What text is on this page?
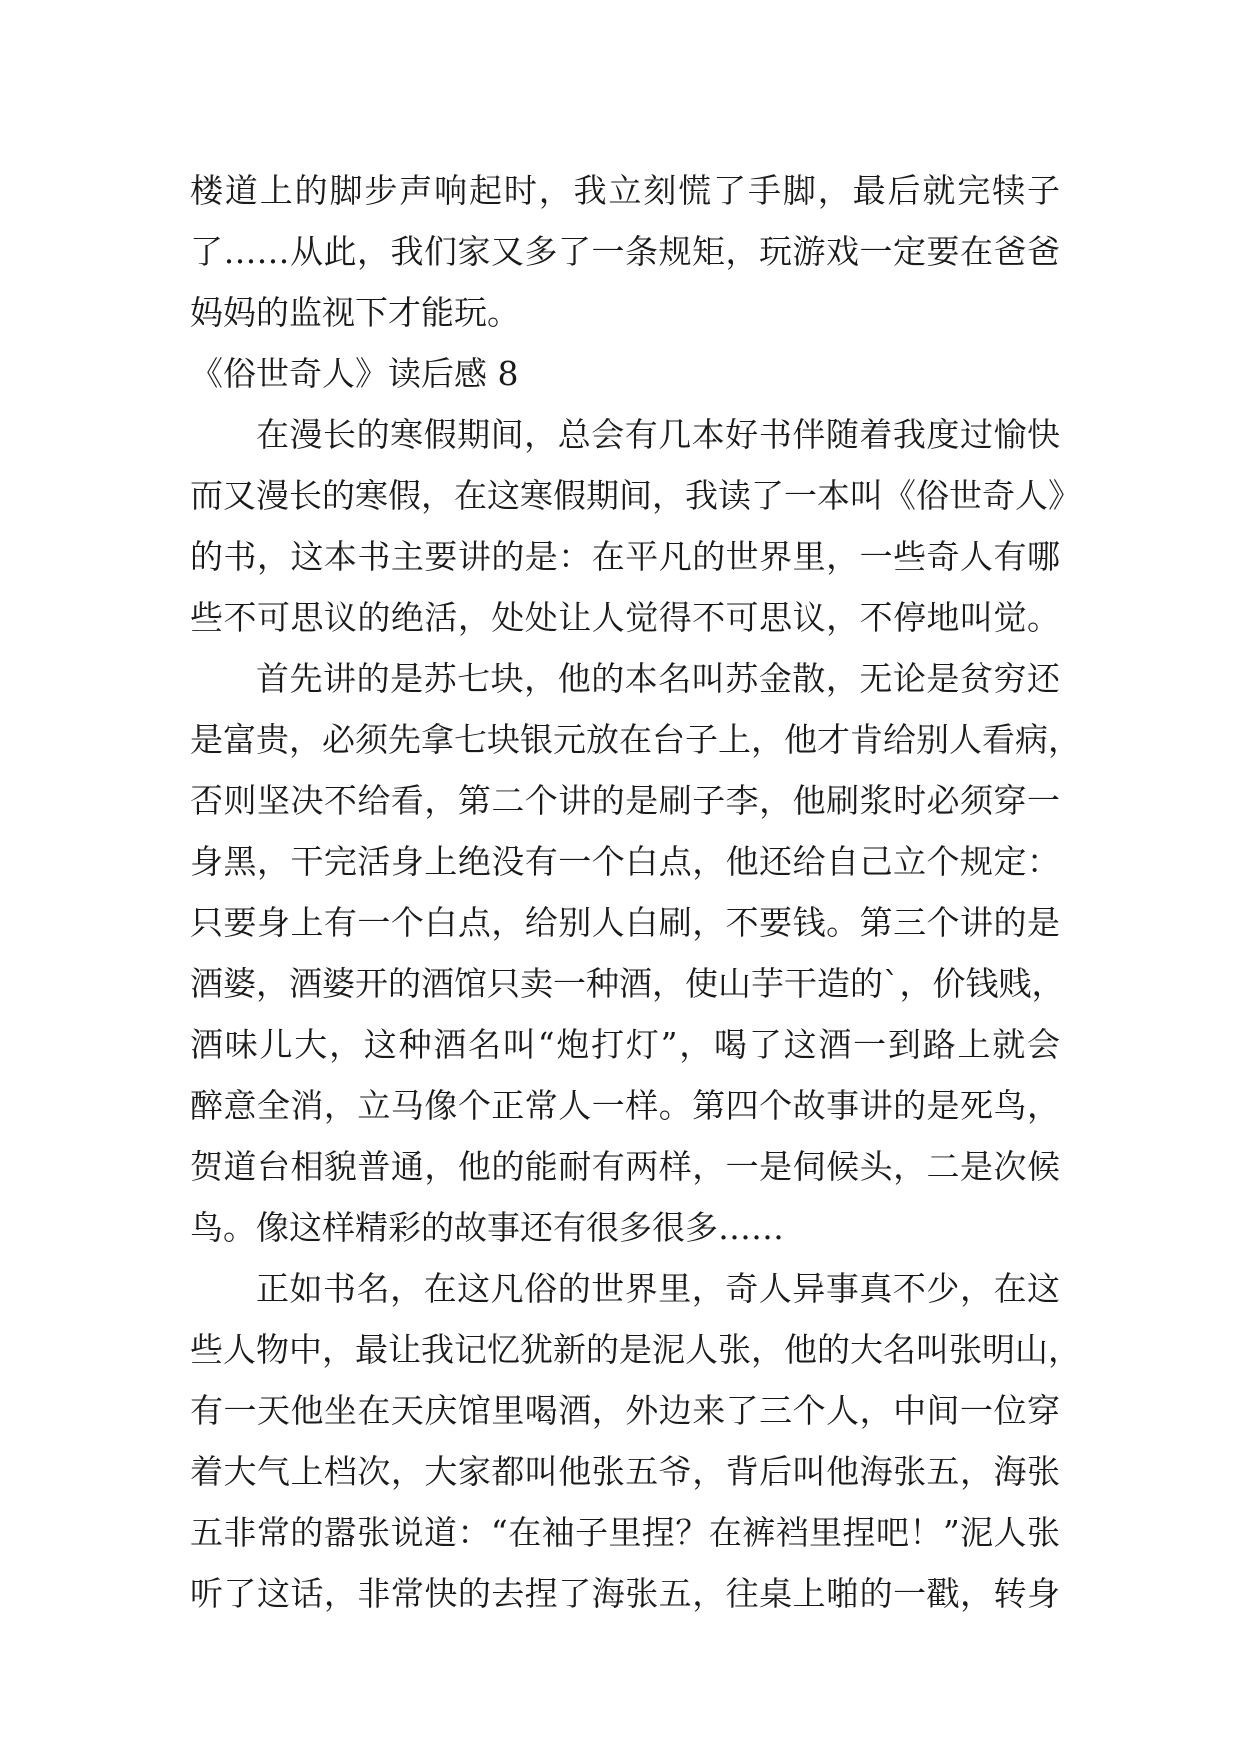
楼道上的脚步声响起时，我立刻慌了手脚，最后就完犊子
了……从此，我们家又多了一条规矩，玩游戏一定要在爸爸
妈妈的监视下才能玩。
《俗世奇人》读后感 8
在漫长的寒假期间，总会有几本好书伴随着我度过愉快
而又漫长的寒假，在这寒假期间，我读了一本叫《俗世奇人》
的书，这本书主要讲的是：在平凡的世界里，一些奇人有哪
些不可思议的绝活，处处让人觉得不可思议，不停地叫觉。
首先讲的是苏七块，他的本名叫苏金散，无论是贫穷还
是富贵，必须先拿七块银元放在台子上，他才肯给别人看病，
否则坚决不给看，第二个讲的是刷子李，他刷浆时必须穿一
身黑，干完活身上绝没有一个白点，他还给自己立个规定：
只要身上有一个白点，给别人白刷，不要钱。第三个讲的是
酒婆，酒婆开的酒馆只卖一种酒，使山芋干造的`，价钱贱，
酒味儿大，这种酒名叫“炮打灯”，喝了这酒一到路上就会
醉意全消，立马像个正常人一样。第四个故事讲的是死鸟，
贺道台相貌普通，他的能耐有两样，一是伺候头，二是次候
鸟。像这样精彩的故事还有很多很多……
正如书名，在这凡俗的世界里，奇人异事真不少，在这
些人物中，最让我记忆犹新的是泥人张，他的大名叫张明山，
有一天他坐在天庆馆里喝酒，外边来了三个人，中间一位穿
着大气上档次，大家都叫他张五爷，背后叫他海张五，海张
五非常的嚣张说道：“在袖子里捏？在裤裆里捏吧！”泥人张
听了这话，非常快的去捏了海张五，往桌上啪的一戳，转身
